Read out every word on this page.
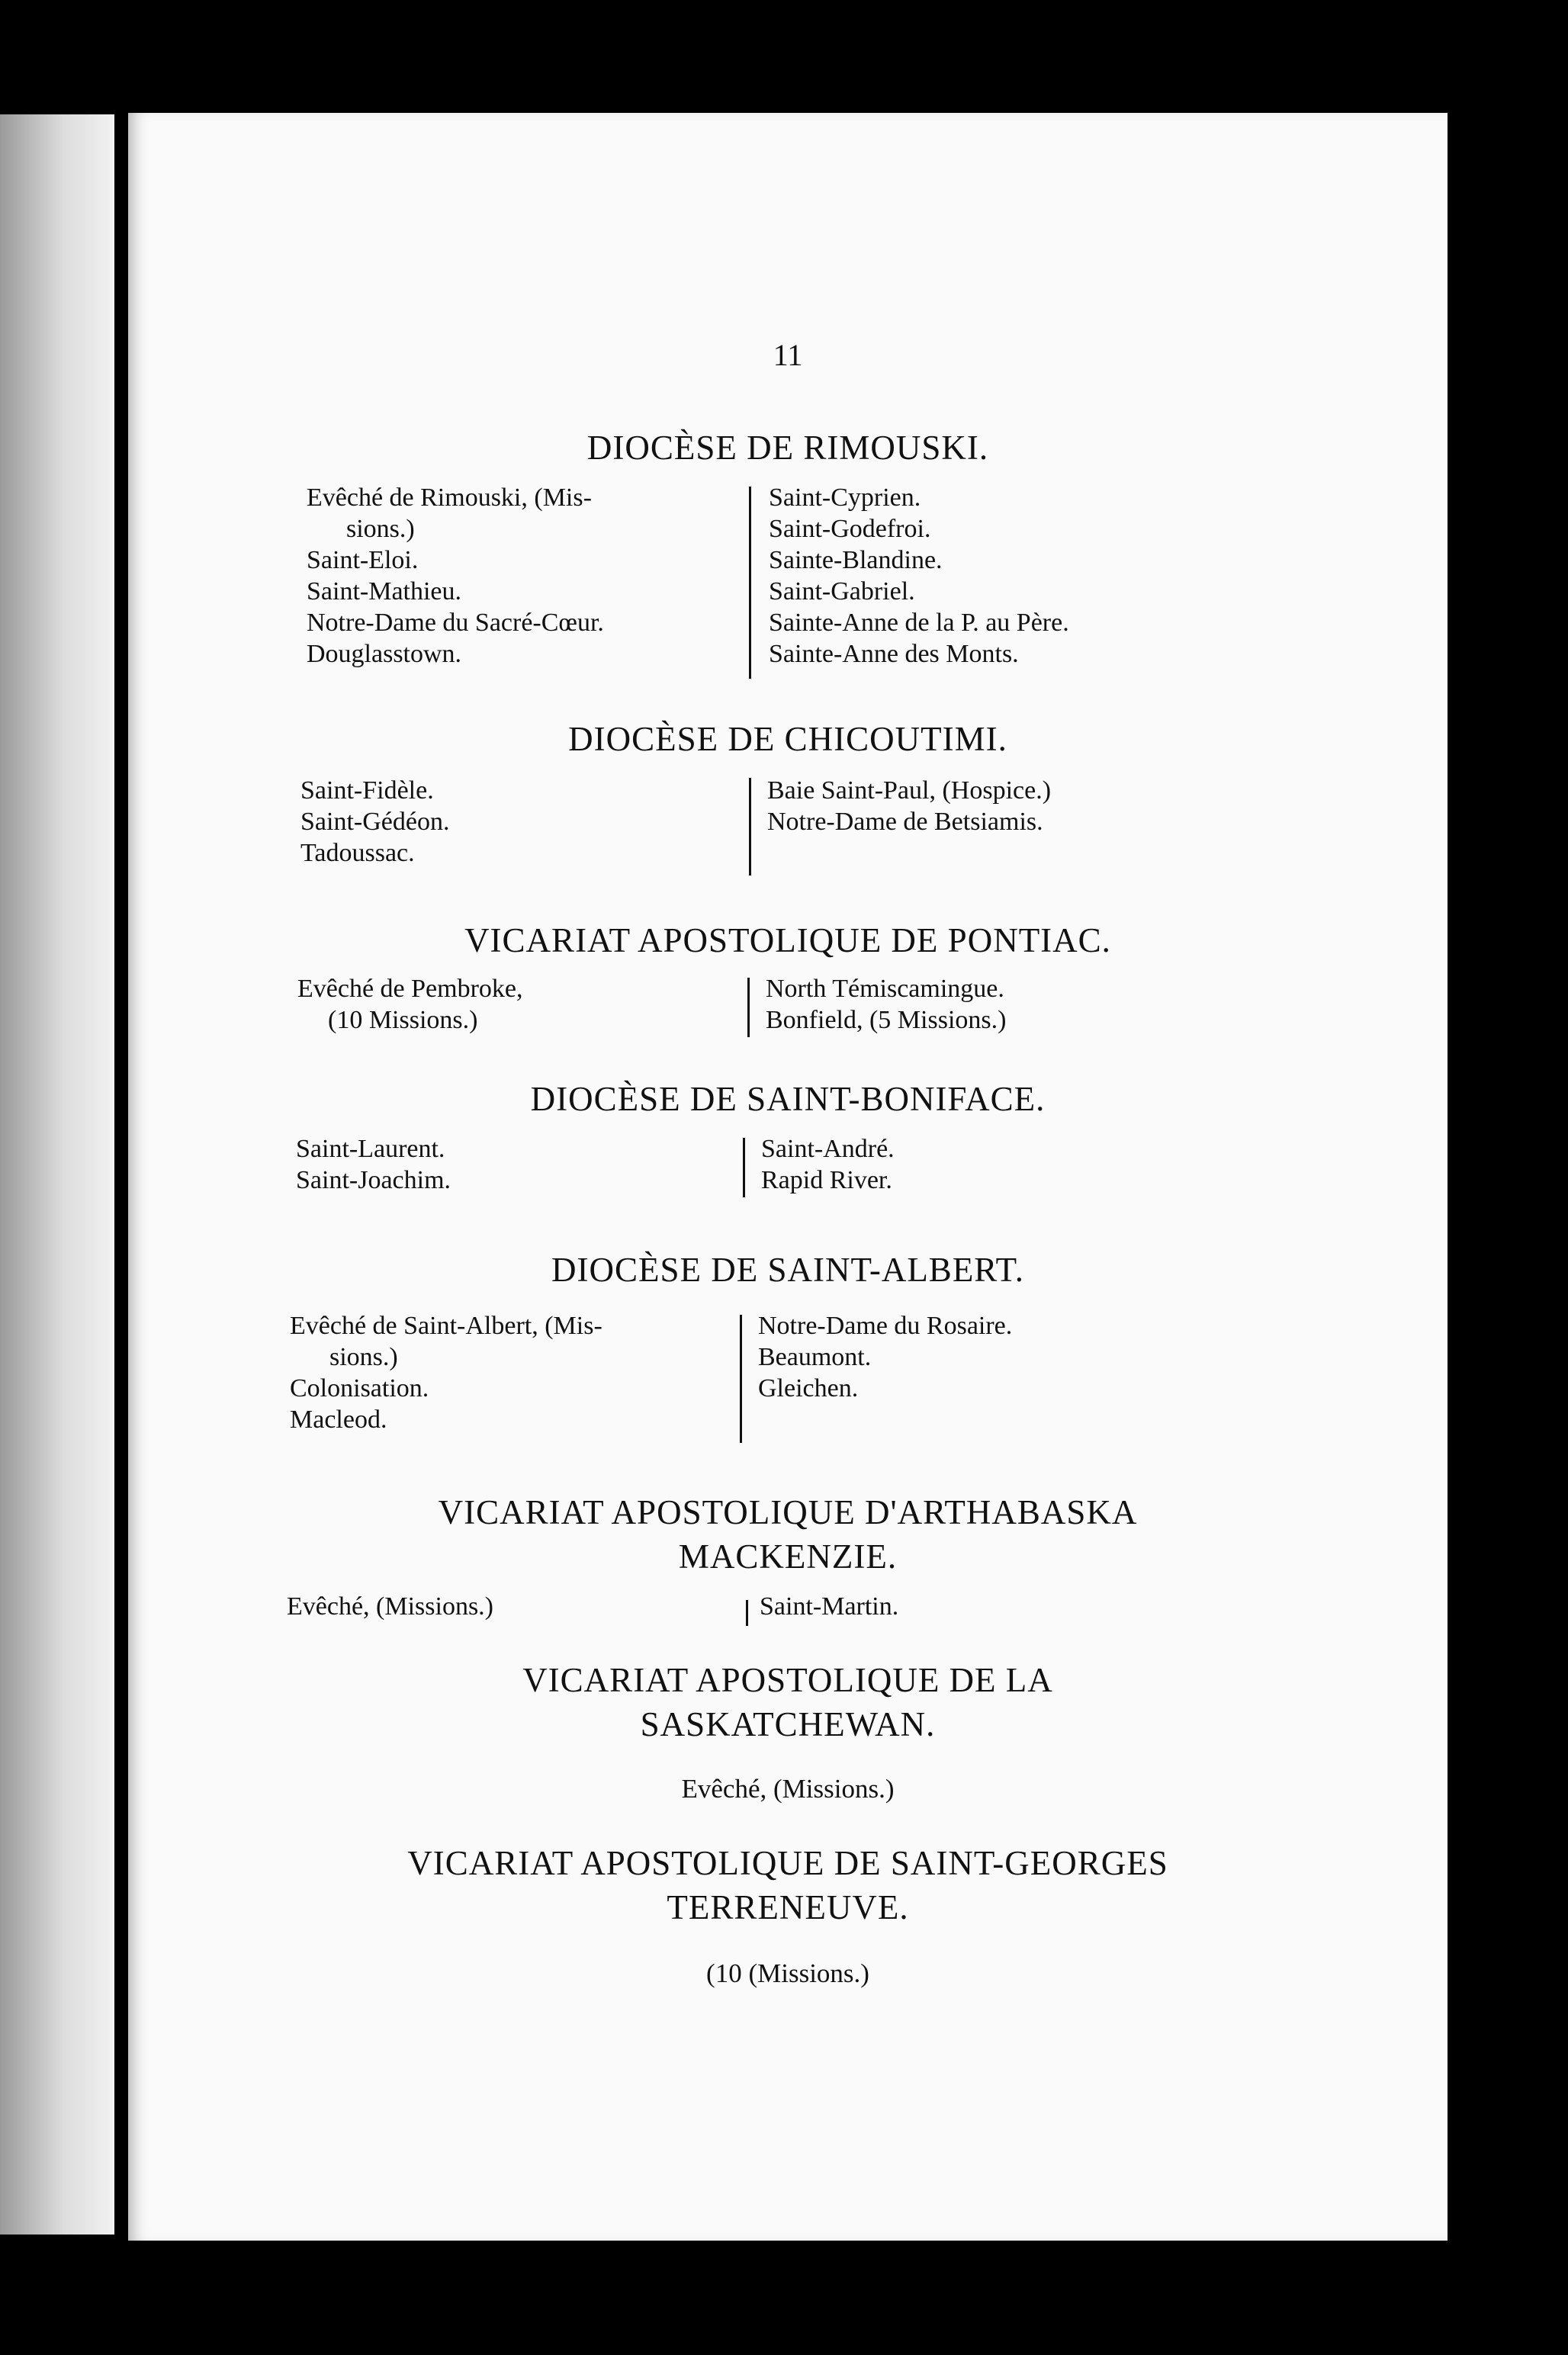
11
DIOCÈSE DE RIMOUSKI.
Evêché de Rimouski, (Mis-
sions.)
Saint-Eloi.
Saint-Mathieu.
Notre-Dame du Sacré-Cœur.
Douglasstown.
Saint-Cyprien.
Saint-Godefroi.
Sainte-Blandine.
Saint-Gabriel.
Sainte-Anne de la P. au Père.
Sainte-Anne des Monts.
DIOCÈSE DE CHICOUTIMI.
Saint-Fidèle.
Saint-Gédéon.
Tadoussac.
Baie Saint-Paul, (Hospice.)
Notre-Dame de Betsiamis.
VICARIAT APOSTOLIQUE DE PONTIAC.
Evêché de Pembroke,
(10 Missions.)
North Témiscamingue.
Bonfield, (5 Missions.)
DIOCÈSE DE SAINT-BONIFACE.
Saint-Laurent.
Saint-Joachim.
Saint-André.
Rapid River.
DIOCÈSE DE SAINT-ALBERT.
Evêché de Saint-Albert, (Mis-
sions.)
Colonisation.
Macleod.
Notre-Dame du Rosaire.
Beaumont.
Gleichen.
VICARIAT APOSTOLIQUE D'ARTHABASKA
MACKENZIE.
Evêché, (Missions.)	Saint-Martin.
VICARIAT APOSTOLIQUE DE LA
SASKATCHEWAN.
Evêché, (Missions.)
VICARIAT APOSTOLIQUE DE SAINT-GEORGES
TERRENEUVE.
(10 (Missions.)
